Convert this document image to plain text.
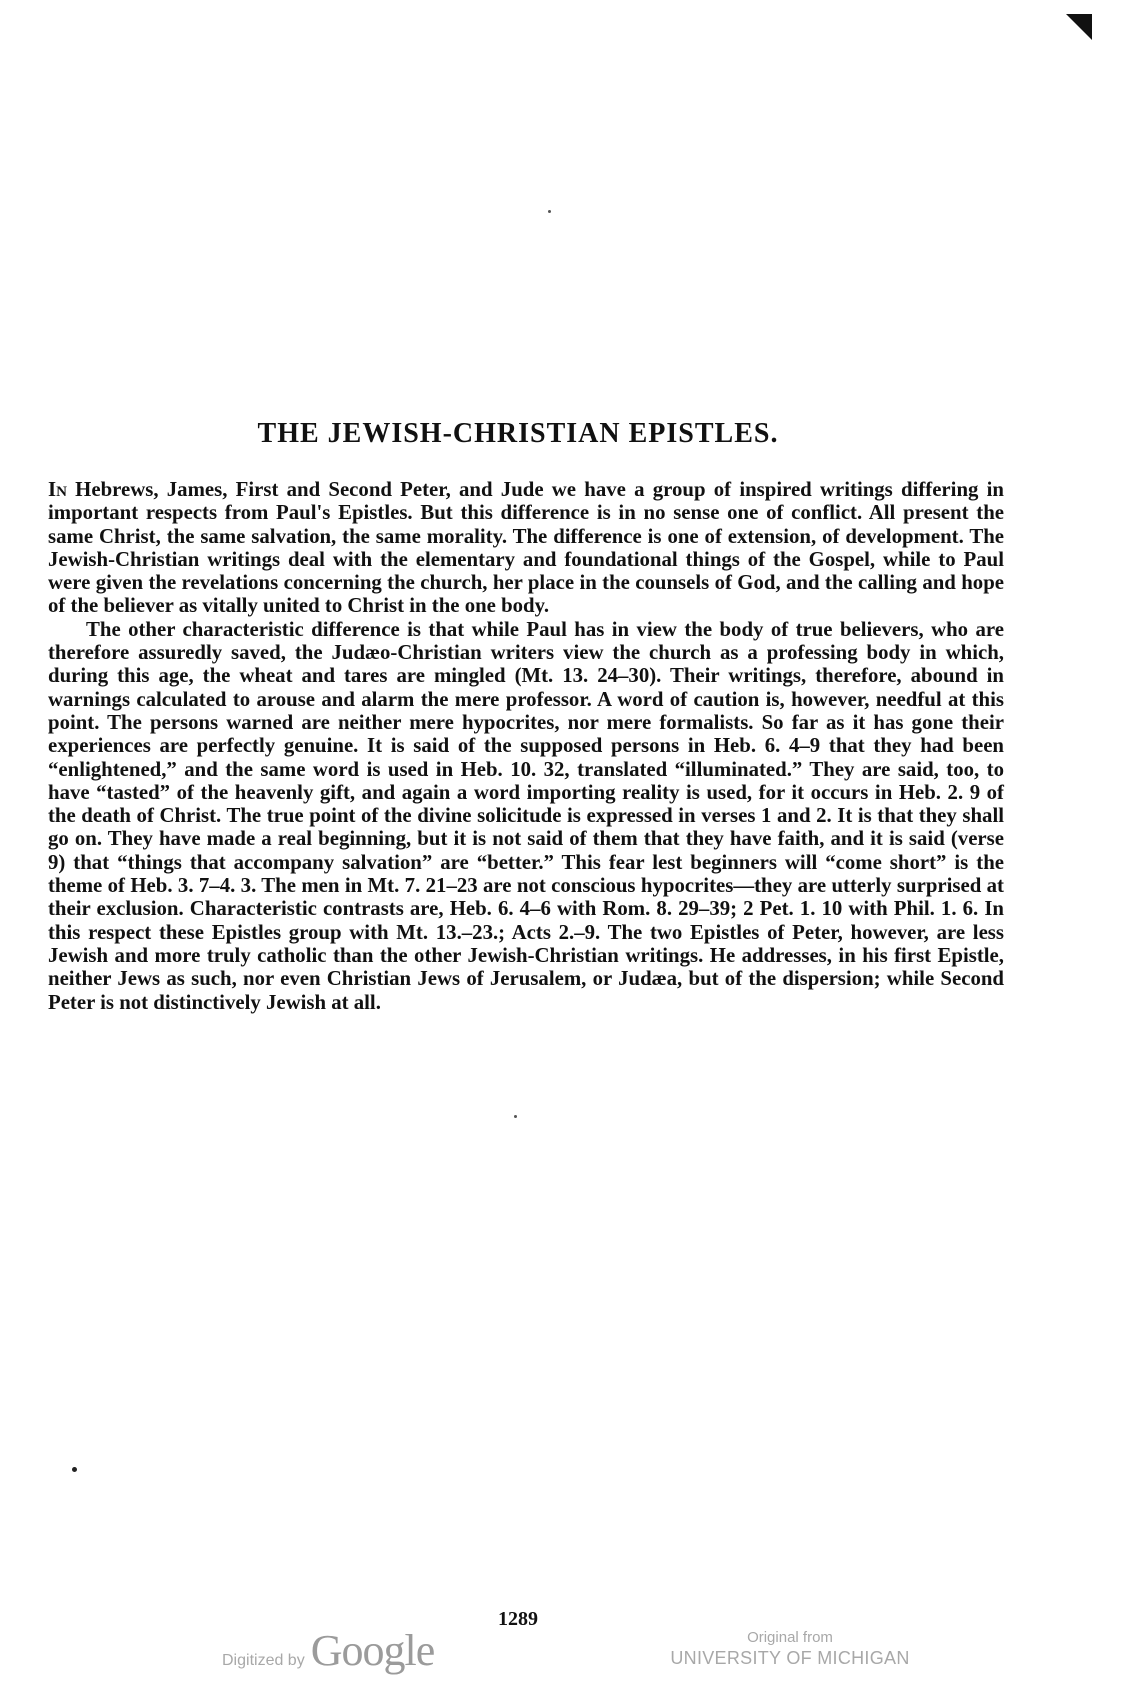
THE JEWISH-CHRISTIAN EPISTLES.

In Hebrews, James, First and Second Peter, and Jude we have a group of inspired writings differing in important respects from Paul's Epistles. But this difference is in no sense one of conflict. All present the same Christ, the same salvation, the same morality. The difference is one of extension, of development. The Jewish-Christian writings deal with the elementary and foundational things of the Gospel, while to Paul were given the revelations concerning the church, her place in the counsels of God, and the calling and hope of the believer as vitally united to Christ in the one body.

The other characteristic difference is that while Paul has in view the body of true believers, who are therefore assuredly saved, the Judæo-Christian writers view the church as a professing body in which, during this age, the wheat and tares are mingled (Mt. 13. 24–30). Their writings, therefore, abound in warnings calculated to arouse and alarm the mere professor. A word of caution is, however, needful at this point. The persons warned are neither mere hypocrites, nor mere formalists. So far as it has gone their experiences are perfectly genuine. It is said of the supposed persons in Heb. 6. 4–9 that they had been “enlightened,” and the same word is used in Heb. 10. 32, translated “illuminated.” They are said, too, to have “tasted” of the heavenly gift, and again a word importing reality is used, for it occurs in Heb. 2. 9 of the death of Christ. The true point of the divine solicitude is expressed in verses 1 and 2. It is that they shall go on. They have made a real beginning, but it is not said of them that they have faith, and it is said (verse 9) that “things that accompany salvation” are “better.” This fear lest beginners will “come short” is the theme of Heb. 3. 7–4. 3. The men in Mt. 7. 21–23 are not conscious hypocrites—they are utterly surprised at their exclusion. Characteristic contrasts are, Heb. 6. 4–6 with Rom. 8. 29–39; 2 Pet. 1. 10 with Phil. 1. 6. In this respect these Epistles group with Mt. 13.–23.; Acts 2.–9. The two Epistles of Peter, however, are less Jewish and more truly catholic than the other Jewish-Christian writings. He addresses, in his first Epistle, neither Jews as such, nor even Christian Jews of Jerusalem, or Judæa, but of the dispersion; while Second Peter is not distinctively Jewish at all.

1289
Digitized by Google	Original from
UNIVERSITY OF MICHIGAN
